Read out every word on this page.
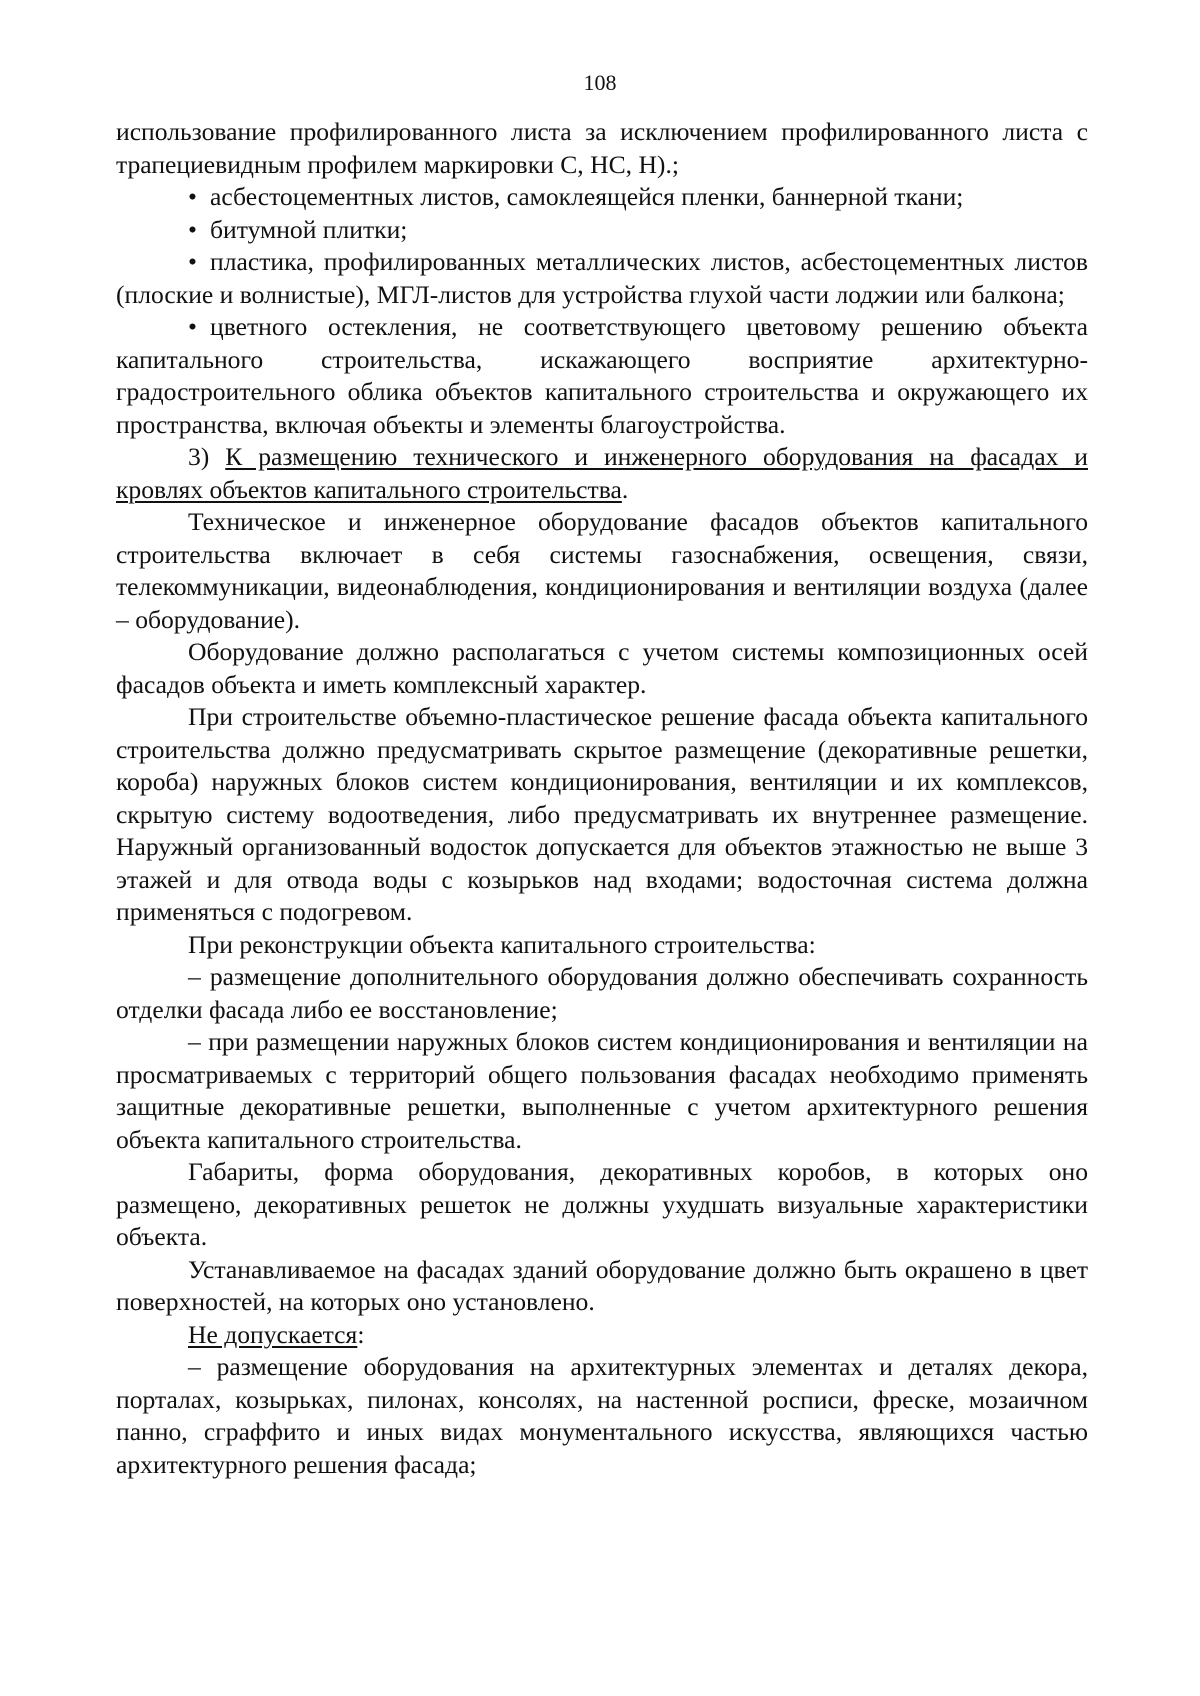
108

использование профилированного листа за исключением профилированного листа с трапециевидным профилем маркировки С, НС, Н).;

• асбестоцементных листов, самоклеящейся пленки, баннерной ткани;

• битумной плитки;

• пластика, профилированных металлических листов, асбестоцементных листов (плоские и волнистые), МГЛ-листов для устройства глухой части лоджии или балкона;

• цветного остекления, не соответствующего цветовому решению объекта капитального строительства, искажающего восприятие архитектурно-градостроительного облика объектов капитального строительства и окружающего их пространства, включая объекты и элементы благоустройства.

3) К размещению технического и инженерного оборудования на фасадах и кровлях объектов капитального строительства.

Техническое и инженерное оборудование фасадов объектов капитального строительства включает в себя системы газоснабжения, освещения, связи, телекоммуникации, видеонаблюдения, кондиционирования и вентиляции воздуха (далее – оборудование).

Оборудование должно располагаться с учетом системы композиционных осей фасадов объекта и иметь комплексный характер.

При строительстве объемно-пластическое решение фасада объекта капитального строительства должно предусматривать скрытое размещение (декоративные решетки, короба) наружных блоков систем кондиционирования, вентиляции и их комплексов, скрытую систему водоотведения, либо предусматривать их внутреннее размещение. Наружный организованный водосток допускается для объектов этажностью не выше 3 этажей и для отвода воды с козырьков над входами; водосточная система должна применяться с подогревом.

При реконструкции объекта капитального строительства:

– размещение дополнительного оборудования должно обеспечивать сохранность отделки фасада либо ее восстановление;

– при размещении наружных блоков систем кондиционирования и вентиляции на просматриваемых с территорий общего пользования фасадах необходимо применять защитные декоративные решетки, выполненные с учетом архитектурного решения объекта капитального строительства.

Габариты, форма оборудования, декоративных коробов, в которых оно размещено, декоративных решеток не должны ухудшать визуальные характеристики объекта.

Устанавливаемое на фасадах зданий оборудование должно быть окрашено в цвет поверхностей, на которых оно установлено.

Не допускается:

– размещение оборудования на архитектурных элементах и деталях декора, порталах, козырьках, пилонах, консолях, на настенной росписи, фреске, мозаичном панно, сграффито и иных видах монументального искусства, являющихся частью архитектурного решения фасада;
